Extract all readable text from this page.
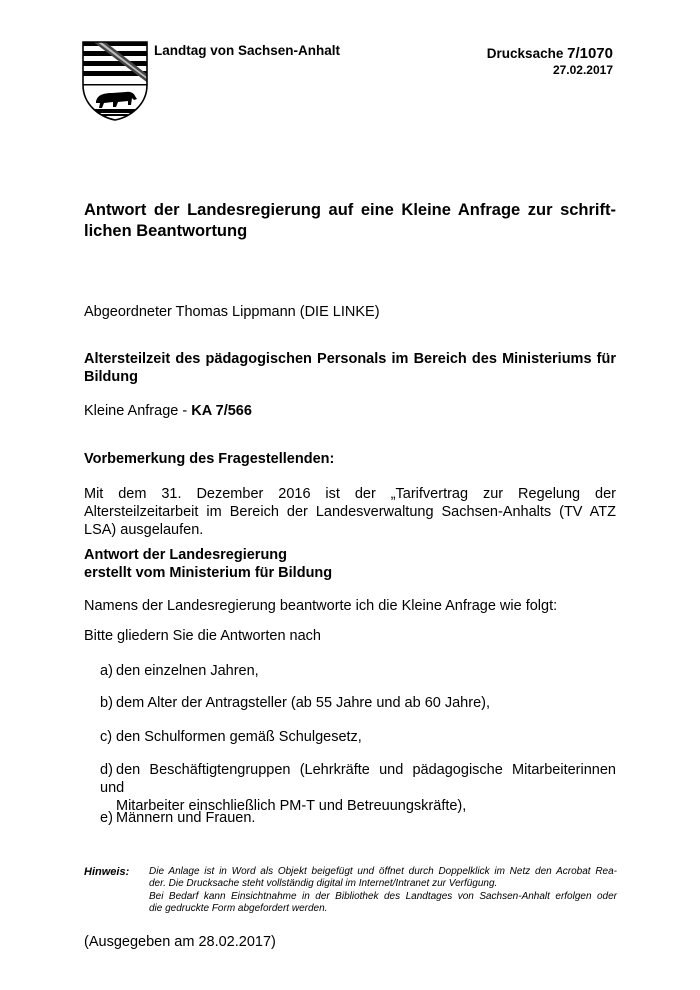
Landtag von Sachsen-Anhalt	Drucksache 7/1070
27.02.2017
Antwort der Landesregierung auf eine Kleine Anfrage zur schrift-
lichen Beantwortung
Abgeordneter Thomas Lippmann (DIE LINKE)
Altersteilzeit des pädagogischen Personals im Bereich des Ministeriums für Bildung
Kleine Anfrage - KA 7/566
Vorbemerkung des Fragestellenden:
Mit dem 31. Dezember 2016 ist der „Tarifvertrag zur Regelung der Altersteilzeitarbeit im Bereich der Landesverwaltung Sachsen-Anhalts (TV ATZ LSA) ausgelaufen.
Antwort der Landesregierung
erstellt vom Ministerium für Bildung
Namens der Landesregierung beantworte ich die Kleine Anfrage wie folgt:
Bitte gliedern Sie die Antworten nach
a) den einzelnen Jahren,
b) dem Alter der Antragsteller (ab 55 Jahre und ab 60 Jahre),
c) den Schulformen gemäß Schulgesetz,
d) den Beschäftigtengruppen (Lehrkräfte und pädagogische Mitarbeiterinnen und
Mitarbeiter einschließlich PM-T und Betreuungskräfte),
e) Männern und Frauen.
Hinweis: Die Anlage ist in Word als Objekt beigefügt und öffnet durch Doppelklick im Netz den Acrobat Rea-
der. Die Drucksache steht vollständig digital im Internet/Intranet zur Verfügung.
Bei Bedarf kann Einsichtnahme in der Bibliothek des Landtages von Sachsen-Anhalt erfolgen oder
die gedruckte Form abgefordert werden.
(Ausgegeben am 28.02.2017)
